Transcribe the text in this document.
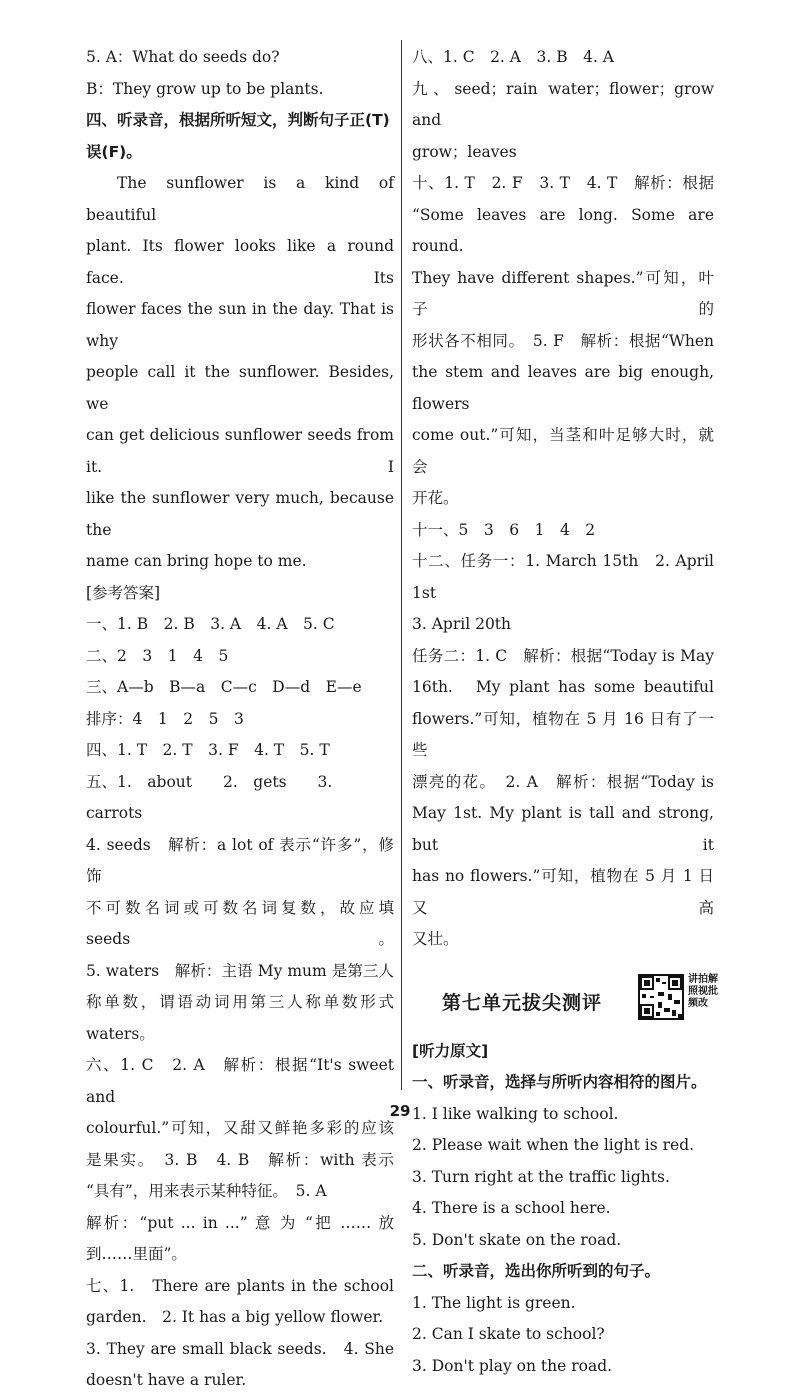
5. A：What do seeds do?

B：They grow up to be plants.

四、听录音，根据所听短文，判断句子正(T)

误(F)。

The sunflower is a kind of beautiful

plant. Its flower looks like a round face. Its

flower faces the sun in the day. That is why

people call it the sunflower. Besides, we

can get delicious sunflower seeds from it. I

like the sunflower very much, because the

name can bring hope to me.

[参考答案]

一、1. B　2. B　3. A　4. A　5. C

二、2　3　1　4　5

三、A—b　B—a　C—c　D—d　E—e

排序：4　1　2　5　3

四、1. T　2. T　3. F　4. T　5. T

五、1.　about　　2.　gets　　3.　carrots

4. seeds　解析：a lot of 表示“许多”，修饰

不可数名词或可数名词复数，故应填 seeds。

5. waters　解析：主语 My mum 是第三人

称单数，谓语动词用第三人称单数形式

waters。

六、1. C　2. A　解析：根据“It's sweet and

colourful.”可知，又甜又鲜艳多彩的应该

是果实。　3. B　4. B　解析：with 表示

“具有”，用来表示某种特征。　5. A

解析：“put ... in ...” 意 为 “把 …… 放

到……里面”。

七、1.　There are plants in the school

garden.　2. It has a big yellow flower.

3. They are small black seeds.　4. She

doesn't have a ruler.

八、1. C　2. A　3. B　4. A

九、seed；rain water；flower；grow and

grow；leaves

十、1. T　2. F　3. T　4. T　解析：根据

“Some leaves are long. Some are round.

They have different shapes.”可知，叶子的

形状各不相同。　5. F　解析：根据“When

the stem and leaves are big enough, flowers

come out.”可知，当茎和叶足够大时，就会

开花。

十一、5　3　6　1　4　2

十二、任务一：1. March 15th　2. April 1st

3. April 20th

任务二：1. C　解析：根据“Today is May

16th.　My plant has some beautiful

flowers.”可知，植物在 5 月 16 日有了一些

漂亮的花。　2. A　解析：根据“Today is

May 1st. My plant is tall and strong, but it

has no flowers.”可知，植物在 5 月 1 日又高

又壮。

第七单元拔尖测评
讲拍解照视批频改

[听力原文]

一、听录音，选择与所听内容相符的图片。

1. I like walking to school.

2. Please wait when the light is red.

3. Turn right at the traffic lights.

4. There is a school here.

5. Don't skate on the road.

二、听录音，选出你所听到的句子。

1. The light is green.

2. Can I skate to school?

3. Don't play on the road.

29
